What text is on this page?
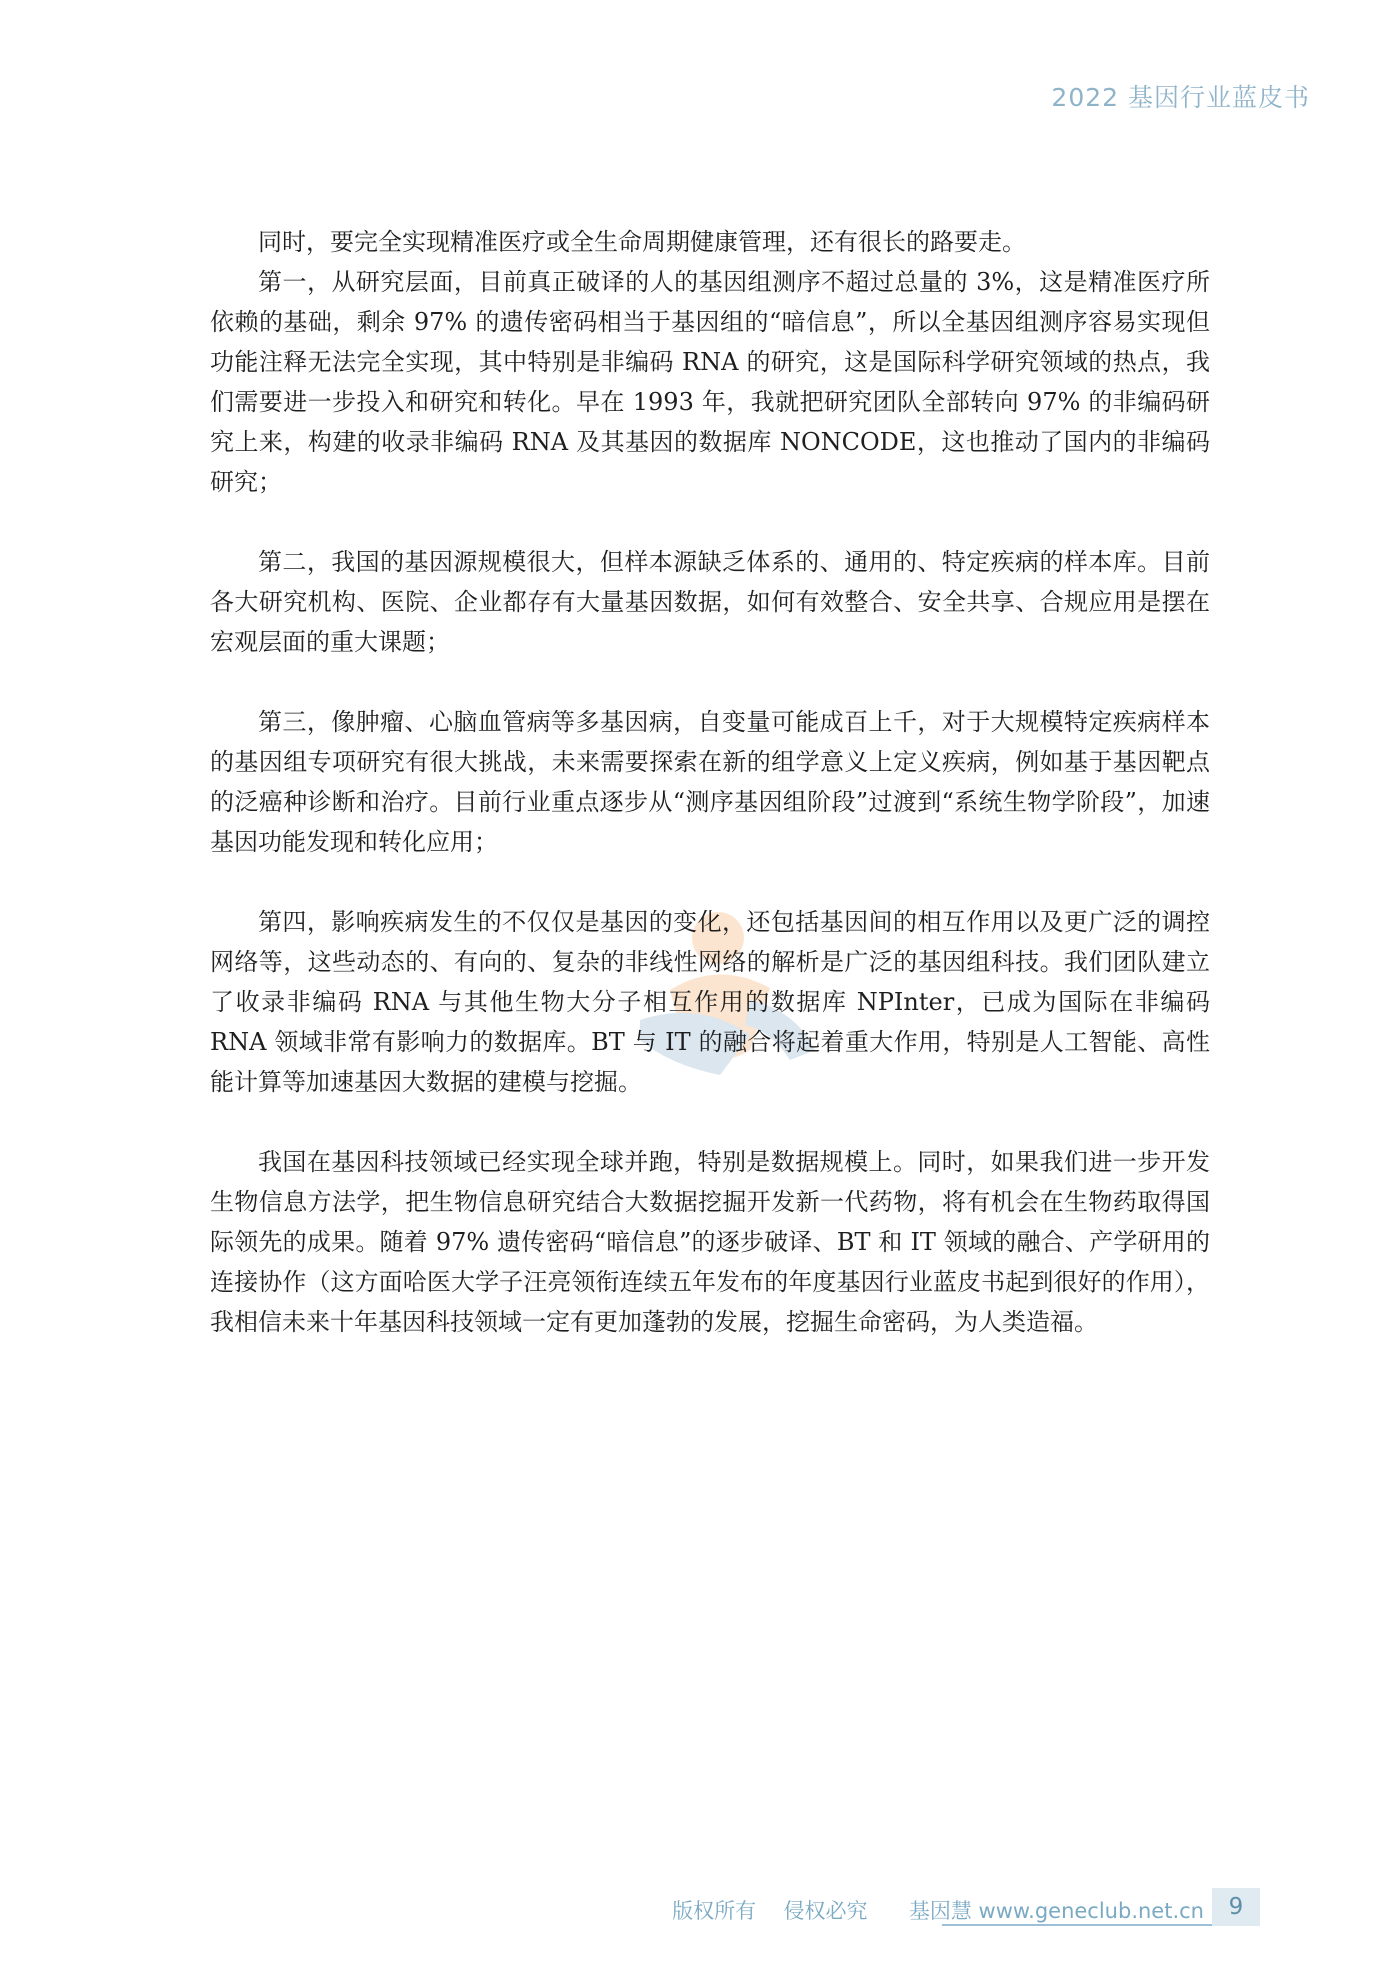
2022 基因行业蓝皮书

同时，要完全实现精准医疗或全生命周期健康管理，还有很长的路要走。

第一，从研究层面，目前真正破译的人的基因组测序不超过总量的 3%，这是精准医疗所依赖的基础，剩余 97% 的遗传密码相当于基因组的“暗信息”，所以全基因组测序容易实现但功能注释无法完全实现，其中特别是非编码 RNA 的研究，这是国际科学研究领域的热点，我们需要进一步投入和研究和转化。早在 1993 年，我就把研究团队全部转向 97% 的非编码研究上来，构建的收录非编码 RNA 及其基因的数据库 NONCODE，这也推动了国内的非编码研究；

第二，我国的基因源规模很大，但样本源缺乏体系的、通用的、特定疾病的样本库。目前各大研究机构、医院、企业都存有大量基因数据，如何有效整合、安全共享、合规应用是摆在宏观层面的重大课题；

第三，像肿瘤、心脑血管病等多基因病，自变量可能成百上千，对于大规模特定疾病样本的基因组专项研究有很大挑战，未来需要探索在新的组学意义上定义疾病，例如基于基因靶点的泛癌种诊断和治疗。目前行业重点逐步从“测序基因组阶段”过渡到“系统生物学阶段”，加速基因功能发现和转化应用；

第四，影响疾病发生的不仅仅是基因的变化，还包括基因间的相互作用以及更广泛的调控网络等，这些动态的、有向的、复杂的非线性网络的解析是广泛的基因组科技。我们团队建立了收录非编码 RNA 与其他生物大分子相互作用的数据库 NPInter，已成为国际在非编码 RNA 领域非常有影响力的数据库。BT 与 IT 的融合将起着重大作用，特别是人工智能、高性能计算等加速基因大数据的建模与挖掘。

我国在基因科技领域已经实现全球并跑，特别是数据规模上。同时，如果我们进一步开发生物信息方法学，把生物信息研究结合大数据挖掘开发新一代药物，将有机会在生物药取得国际领先的成果。随着 97% 遗传密码“暗信息”的逐步破译、BT 和 IT 领域的融合、产学研用的连接协作（这方面哈医大学子汪亮领衔连续五年发布的年度基因行业蓝皮书起到很好的作用），我相信未来十年基因科技领域一定有更加蓬勃的发展，挖掘生命密码，为人类造福。

版权所有 侵权必究 基因慧 www.geneclub.net.cn	9
